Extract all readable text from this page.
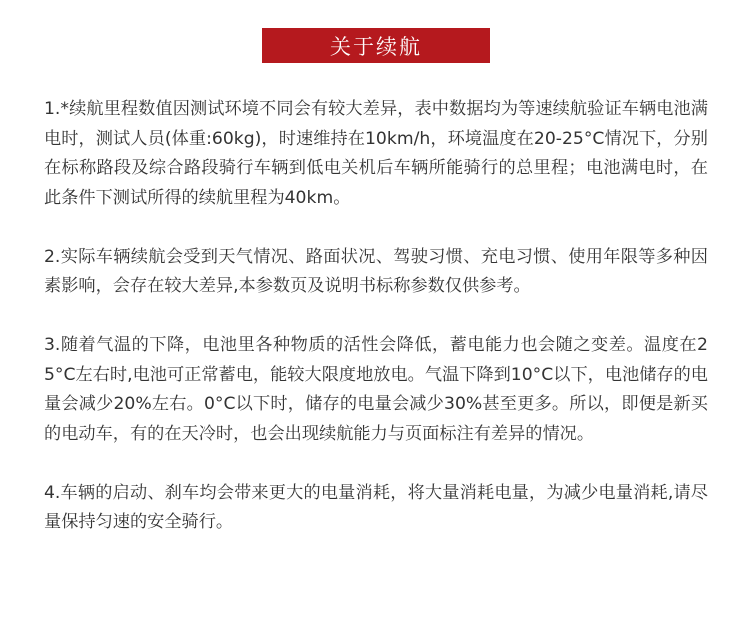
关于续航

1.*续航里程数值因测试环境不同会有较大差异，表中数据均为等速续航验证车辆电池满电时，测试人员(体重:60kg)，时速维持在10km/h，环境温度在20-25°C情况下，分别在标称路段及综合路段骑行车辆到低电关机后车辆所能骑行的总里程；电池满电时，在此条件下测试所得的续航里程为40km。

2.实际车辆续航会受到天气情况、路面状况、驾驶习惯、充电习惯、使用年限等多种因素影响，会存在较大差异,本参数页及说明书标称参数仅供参考。

3.随着气温的下降，电池里各种物质的活性会降低，蓄电能力也会随之变差。温度在25°C左右时,电池可正常蓄电，能较大限度地放电。气温下降到10°C以下，电池储存的电量会减少20%左右。0°C以下时，储存的电量会减少30%甚至更多。所以，即便是新买的电动车，有的在天冷时，也会出现续航能力与页面标注有差异的情况。

4.车辆的启动、刹车均会带来更大的电量消耗，将大量消耗电量，为减少电量消耗,请尽量保持匀速的安全骑行。
